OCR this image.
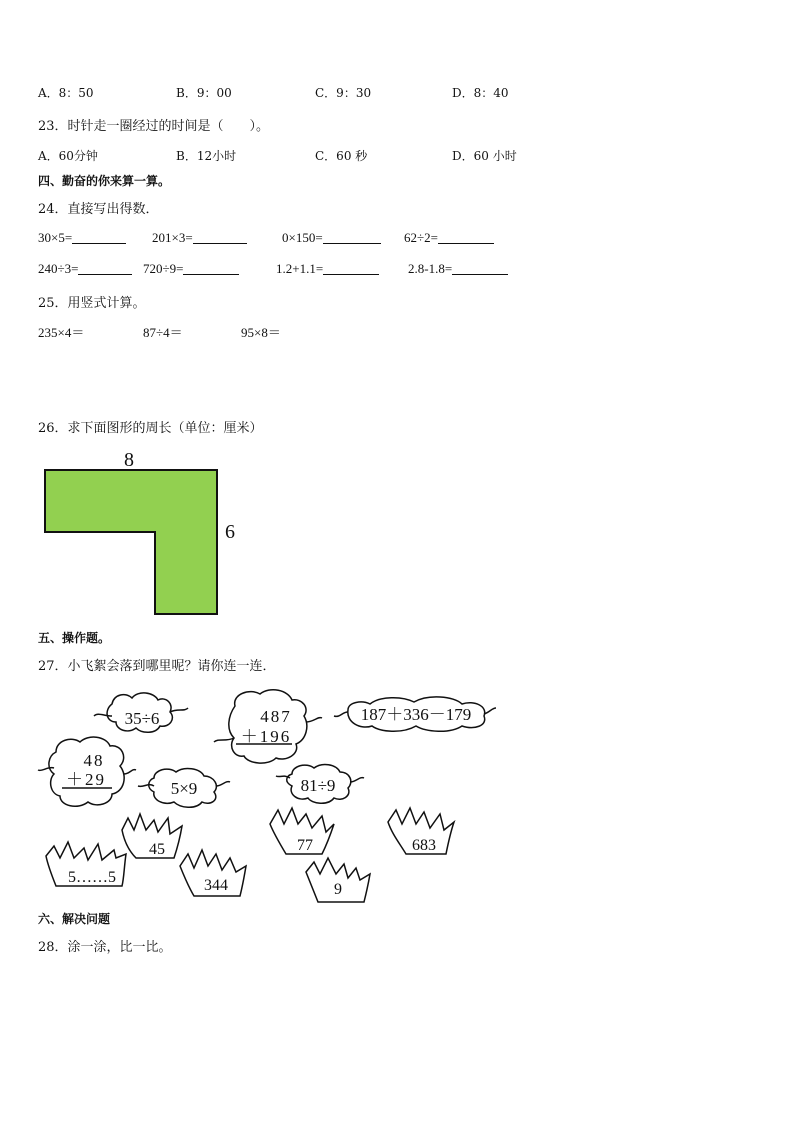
A．8：50	B．9：00	C．9：30	D．8：40
23．时针走一圈经过的时间是（　　）。
A．60分钟	B．12小时	C．60 秒	D．60 小时
四、勤奋的你来算一算。
24．直接写出得数．
30×5=	201×3=	0×150=	62÷2=
240÷3=	720÷9=	1.2+1.1=	2.8-1.8=
25．用竖式计算。
235×4＝	87÷4＝	95×8＝
26．求下面图形的周长（单位：厘米）
8
6
五、操作题。
27．小飞絮会落到哪里呢？请你连一连．
35÷6	487
＋196
187＋336－179
48
＋29	5×9	81÷9
45	77	683
5……5	344	9
六、解决问题
28．涂一涂，比一比。
